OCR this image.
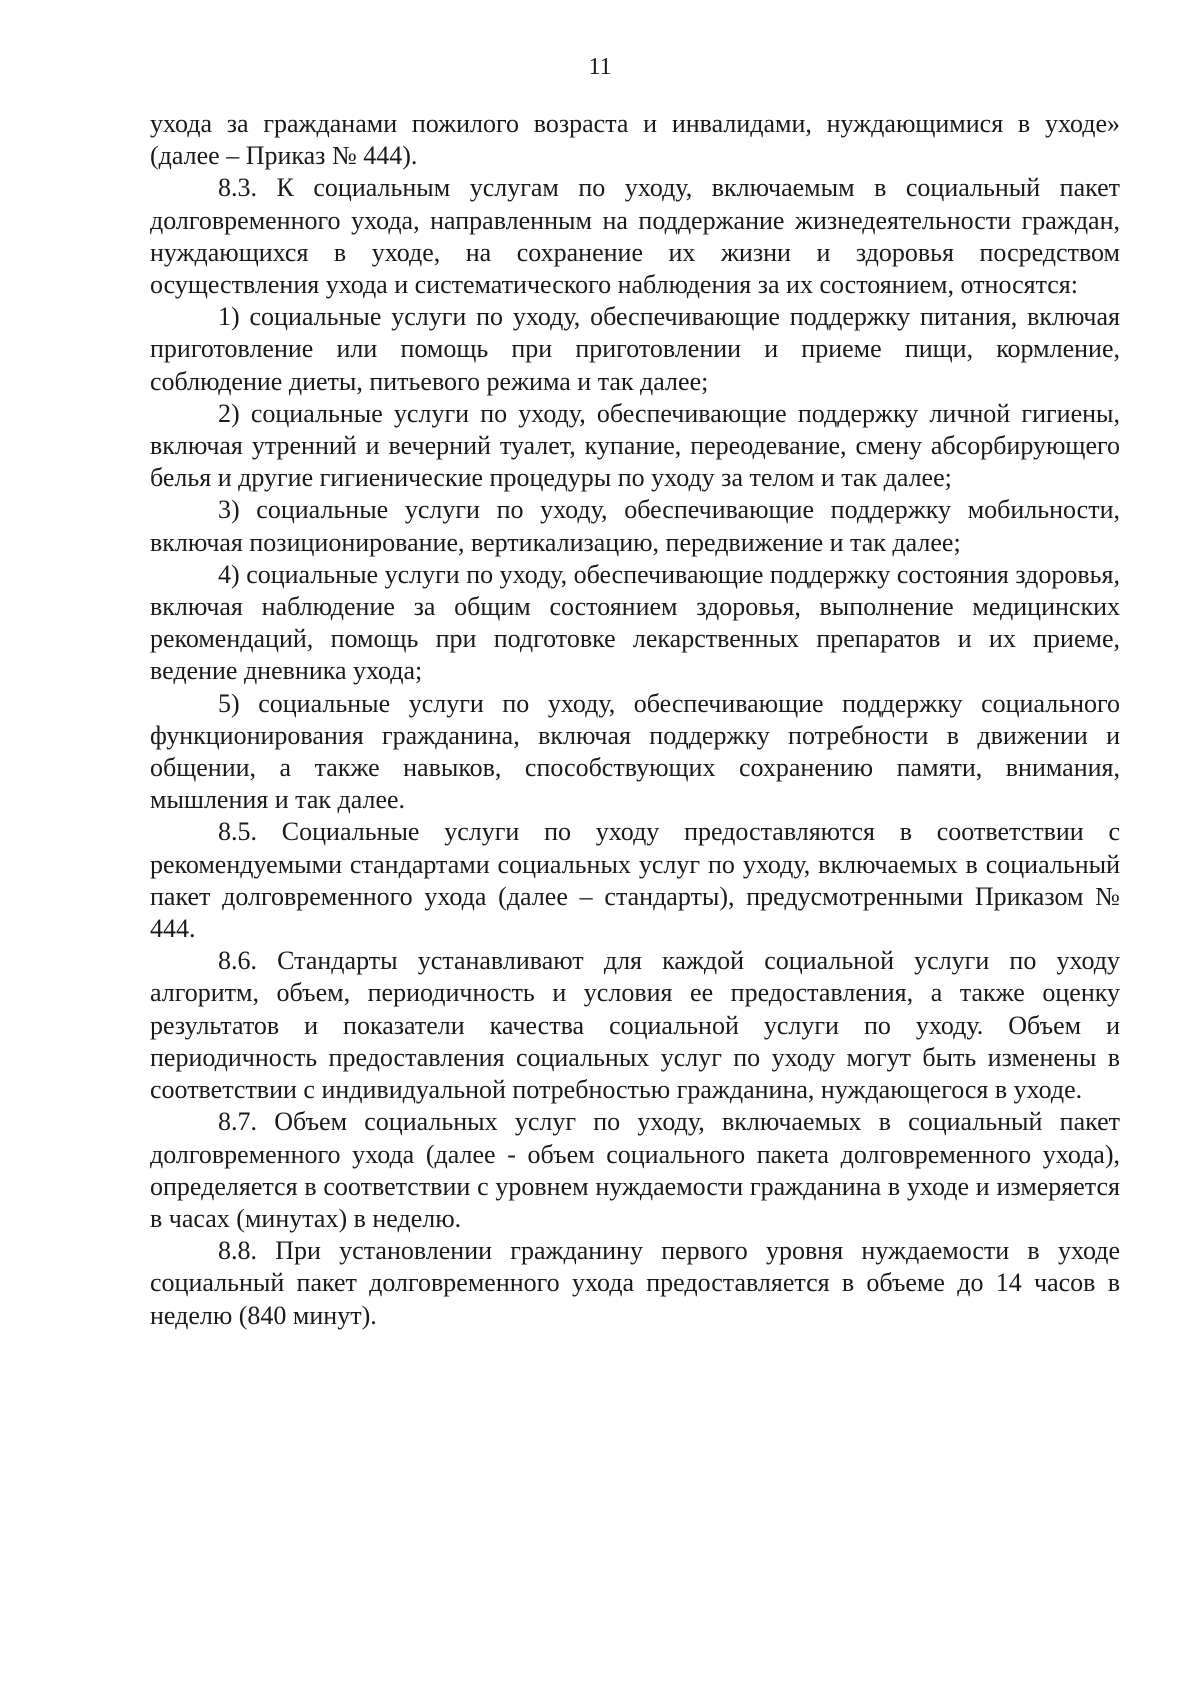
11

ухода за гражданами пожилого возраста и инвалидами, нуждающимися в уходе» (далее – Приказ № 444).

8.3. К социальным услугам по уходу, включаемым в социальный пакет долговременного ухода, направленным на поддержание жизнедеятельности граждан, нуждающихся в уходе, на сохранение их жизни и здоровья посредством осуществления ухода и систематического наблюдения за их состоянием, относятся:

1) социальные услуги по уходу, обеспечивающие поддержку питания, включая приготовление или помощь при приготовлении и приеме пищи, кормление, соблюдение диеты, питьевого режима и так далее;

2) социальные услуги по уходу, обеспечивающие поддержку личной гигиены, включая утренний и вечерний туалет, купание, переодевание, смену абсорбирующего белья и другие гигиенические процедуры по уходу за телом и так далее;

3) социальные услуги по уходу, обеспечивающие поддержку мобильности, включая позиционирование, вертикализацию, передвижение и так далее;

4) социальные услуги по уходу, обеспечивающие поддержку состояния здоровья, включая наблюдение за общим состоянием здоровья, выполнение медицинских рекомендаций, помощь при подготовке лекарственных препаратов и их приеме, ведение дневника ухода;

5) социальные услуги по уходу, обеспечивающие поддержку социального функционирования гражданина, включая поддержку потребности в движении и общении, а также навыков, способствующих сохранению памяти, внимания, мышления и так далее.

8.5. Социальные услуги по уходу предоставляются в соответствии с рекомендуемыми стандартами социальных услуг по уходу, включаемых в социальный пакет долговременного ухода (далее – стандарты), предусмотренными Приказом № 444.

8.6. Стандарты устанавливают для каждой социальной услуги по уходу алгоритм, объем, периодичность и условия ее предоставления, а также оценку результатов и показатели качества социальной услуги по уходу. Объем и периодичность предоставления социальных услуг по уходу могут быть изменены в соответствии с индивидуальной потребностью гражданина, нуждающегося в уходе.

8.7. Объем социальных услуг по уходу, включаемых в социальный пакет долговременного ухода (далее - объем социального пакета долговременного ухода), определяется в соответствии с уровнем нуждаемости гражданина в уходе и измеряется в часах (минутах) в неделю.

8.8. При установлении гражданину первого уровня нуждаемости в уходе социальный пакет долговременного ухода предоставляется в объеме до 14 часов в неделю (840 минут).
